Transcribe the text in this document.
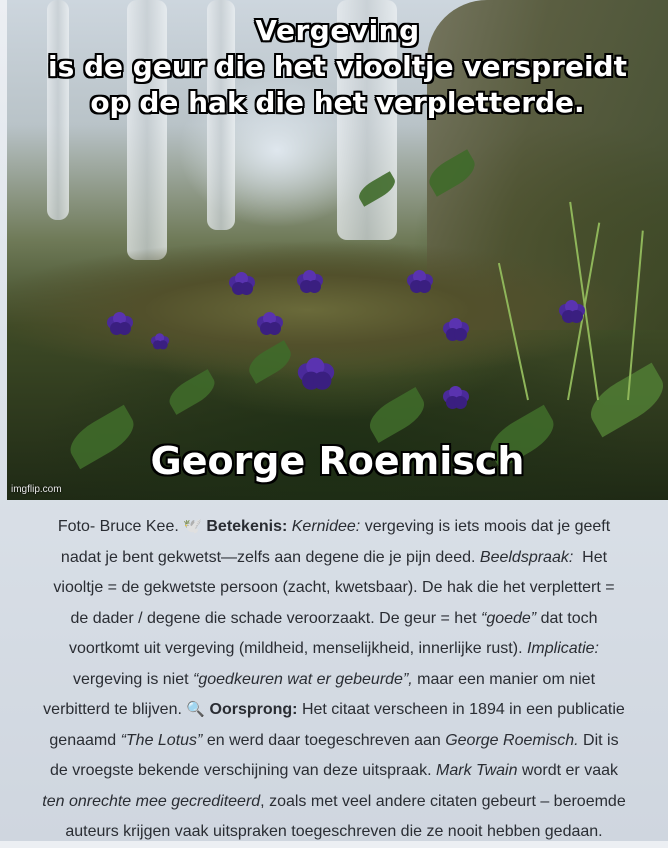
Vergeving
is de geur die het viooltje verspreidt
op de hak die het verpletterde.
George Roemisch
imgflip.com
Foto- Bruce Kee. 🕊️ Betekenis: Kernidee: vergeving is iets moois dat je geeft
nadat je bent gekwetst—zelfs aan degene die je pijn deed. Beeldspraak:  Het
viooltje = de gekwetste persoon (zacht, kwetsbaar). De hak die het verplettert =
de dader / degene die schade veroorzaakt. De geur = het “goede” dat toch
voortkomt uit vergeving (mildheid, menselijkheid, innerlijke rust). Implicatie:
vergeving is niet “goedkeuren wat er gebeurde”, maar een manier om niet
verbitterd te blijven. 🔍 Oorsprong: Het citaat verscheen in 1894 in een publicatie
genaamd “The Lotus” en werd daar toegeschreven aan George Roemisch. Dit is
de vroegste bekende verschijning van deze uitspraak. Mark Twain wordt er vaak
ten onrechte mee gecrediteerd, zoals met veel andere citaten gebeurt – beroemde
auteurs krijgen vaak uitspraken toegeschreven die ze nooit hebben gedaan.
